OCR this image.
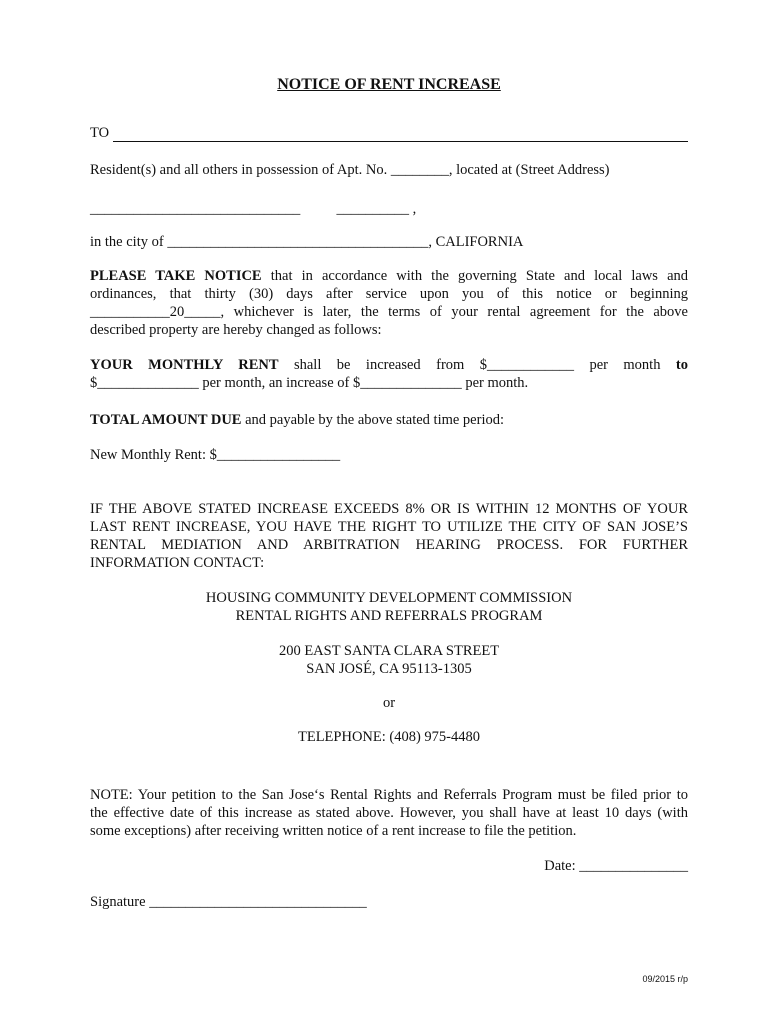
NOTICE OF RENT INCREASE
TO
Resident(s) and all others in possession of Apt. No. ________, located at (Street Address)
_____________________________          __________ ,
in the city of ____________________________________, CALIFORNIA
PLEASE TAKE NOTICE that in accordance with the governing State and local laws and
ordinances, that thirty (30) days after service upon you of this notice or beginning
___________20_____, whichever is later, the terms of your rental agreement for the above
described property are hereby changed as follows:
YOUR MONTHLY RENT shall be increased from $____________ per month to
$______________ per month, an increase of $______________ per month.
TOTAL AMOUNT DUE and payable by the above stated time period:
New Monthly Rent: $_________________
IF THE ABOVE STATED INCREASE EXCEEDS 8% OR IS WITHIN 12 MONTHS OF YOUR
LAST RENT INCREASE, YOU HAVE THE RIGHT TO UTILIZE THE CITY OF SAN JOSE’S
RENTAL MEDIATION AND ARBITRATION HEARING PROCESS. FOR FURTHER
INFORMATION CONTACT:
HOUSING COMMUNITY DEVELOPMENT COMMISSION
RENTAL RIGHTS AND REFERRALS PROGRAM
200 EAST SANTA CLARA STREET
SAN JOSÉ, CA 95113-1305
or
TELEPHONE: (408) 975-4480
NOTE: Your petition to the San Jose‘s Rental Rights and Referrals Program must be filed prior to
the effective date of this increase as stated above. However, you shall have at least 10 days (with
some exceptions) after receiving written notice of a rent increase to file the petition.
Date: _______________
Signature ______________________________
09/2015 r/p
